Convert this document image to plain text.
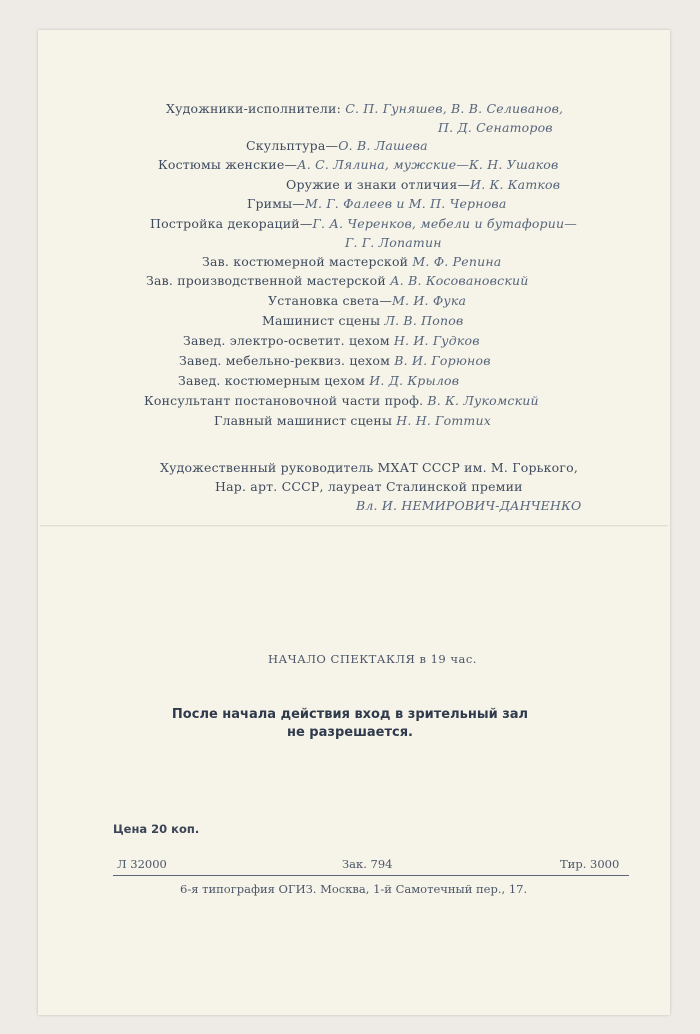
Художники-исполнители: С. П. Гуняшев, В. В. Селиванов,
П. Д. Сенаторов
Скульптура—О. В. Лашева
Костюмы женские—А. С. Лялина, мужские—К. Н. Ушаков
Оружие и знаки отличия—И. К. Катков
Гримы—М. Г. Фалеев и М. П. Чернова
Постройка декораций—Г. А. Черенков, мебели и бутафории—
Г. Г. Лопатин
Зав. костюмерной мастерской М. Ф. Репина
Зав. производственной мастерской А. В. Косовановский
Установка света—М. И. Фука
Машинист сцены Л. В. Попов
Завед. электро-осветит. цехом Н. И. Гудков
Завед. мебельно-реквиз. цехом В. И. Горюнов
Завед. костюмерным цехом И. Д. Крылов
Консультант постановочной части проф. В. К. Лукомский
Главный машинист сцены Н. Н. Готтих
Художественный руководитель МХАТ СССР им. М. Горького,
Нар. арт. СССР, лауреат Сталинской премии
Вл. И. НЕМИРОВИЧ-ДАНЧЕНКО
НАЧАЛО СПЕКТАКЛЯ в 19 час.
После начала действия вход в зрительный зал
не разрешается.
Цена 20 коп.
Л 32000	Зак. 794	Тир. 3000
6-я типография ОГИЗ. Москва, 1-й Самотечный пер., 17.
